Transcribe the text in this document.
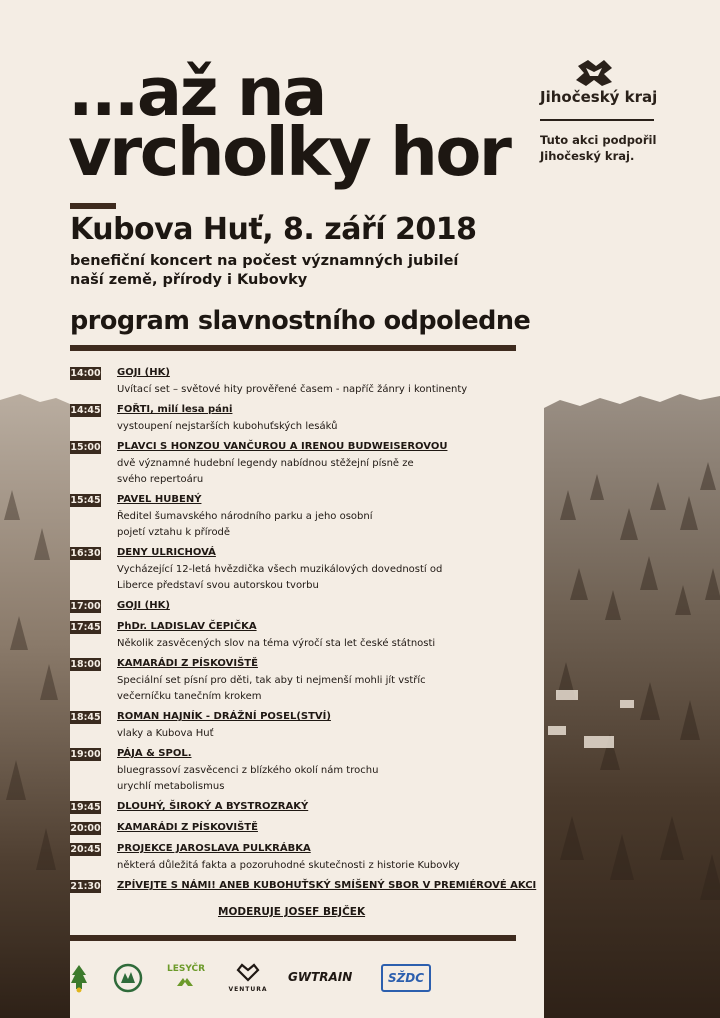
...až na
vrcholky hor
Kubova Huť, 8. září 2018
benefiční koncert na počest významných jubileí
naší země, přírody i Kubovky
program slavnostního odpoledne
Jihočeský kraj
Tuto akci podpořil
Jihočeský kraj.
14:00 GOJI (HK)
Uvítací set – světové hity prověřené časem - napříč žánry i kontinenty
14:45 FOŘTI, milí lesa páni
vystoupení nejstarších kubohuťských lesáků
15:00 PLAVCI S HONZOU VANČUROU A IRENOU BUDWEISEROVOU
dvě významné hudební legendy nabídnou stěžejní písně ze
svého repertoáru
15:45 PAVEL HUBENÝ
Ředitel šumavského národního parku a jeho osobní
pojetí vztahu k přírodě
16:30 DENY ULRICHOVÁ
Vycházející 12-letá hvězdička všech muzikálových dovedností od
Liberce představí svou autorskou tvorbu
17:00 GOJI (HK)
17:45 PhDr. LADISLAV ČEPIČKA
Několik zasvěcených slov na téma výročí sta let české státnosti
18:00 KAMARÁDI Z PÍSKOVIŠTĚ
Speciální set písní pro děti, tak aby ti nejmenší mohli jít vstříc
večerníčku tanečním krokem
18:45 ROMAN HAJNÍK - DRÁŽNÍ POSEL(STVÍ)
vlaky a Kubova Huť
19:00 PÁJA & SPOL.
bluegrassoví zasvěcenci z blízkého okolí nám trochu
urychlí metabolismus
19:45 DLOUHÝ, ŠIROKÝ A BYSTROZRAKÝ
20:00 KAMARÁDI Z PÍSKOVIŠTĚ
20:45 PROJEKCE JAROSLAVA PULKRÁBKA
některá důležitá fakta a pozoruhodné skutečnosti z historie Kubovky
21:30 ZPÍVEJTE S NÁMI! ANEB KUBOHUŤSKÝ SMÍŠENÝ SBOR V PREMIÉROVÉ AKCI
MODERUJE JOSEF BEJČEK
LESYČR
VENTURA
GWTRAIN	SŽDC
